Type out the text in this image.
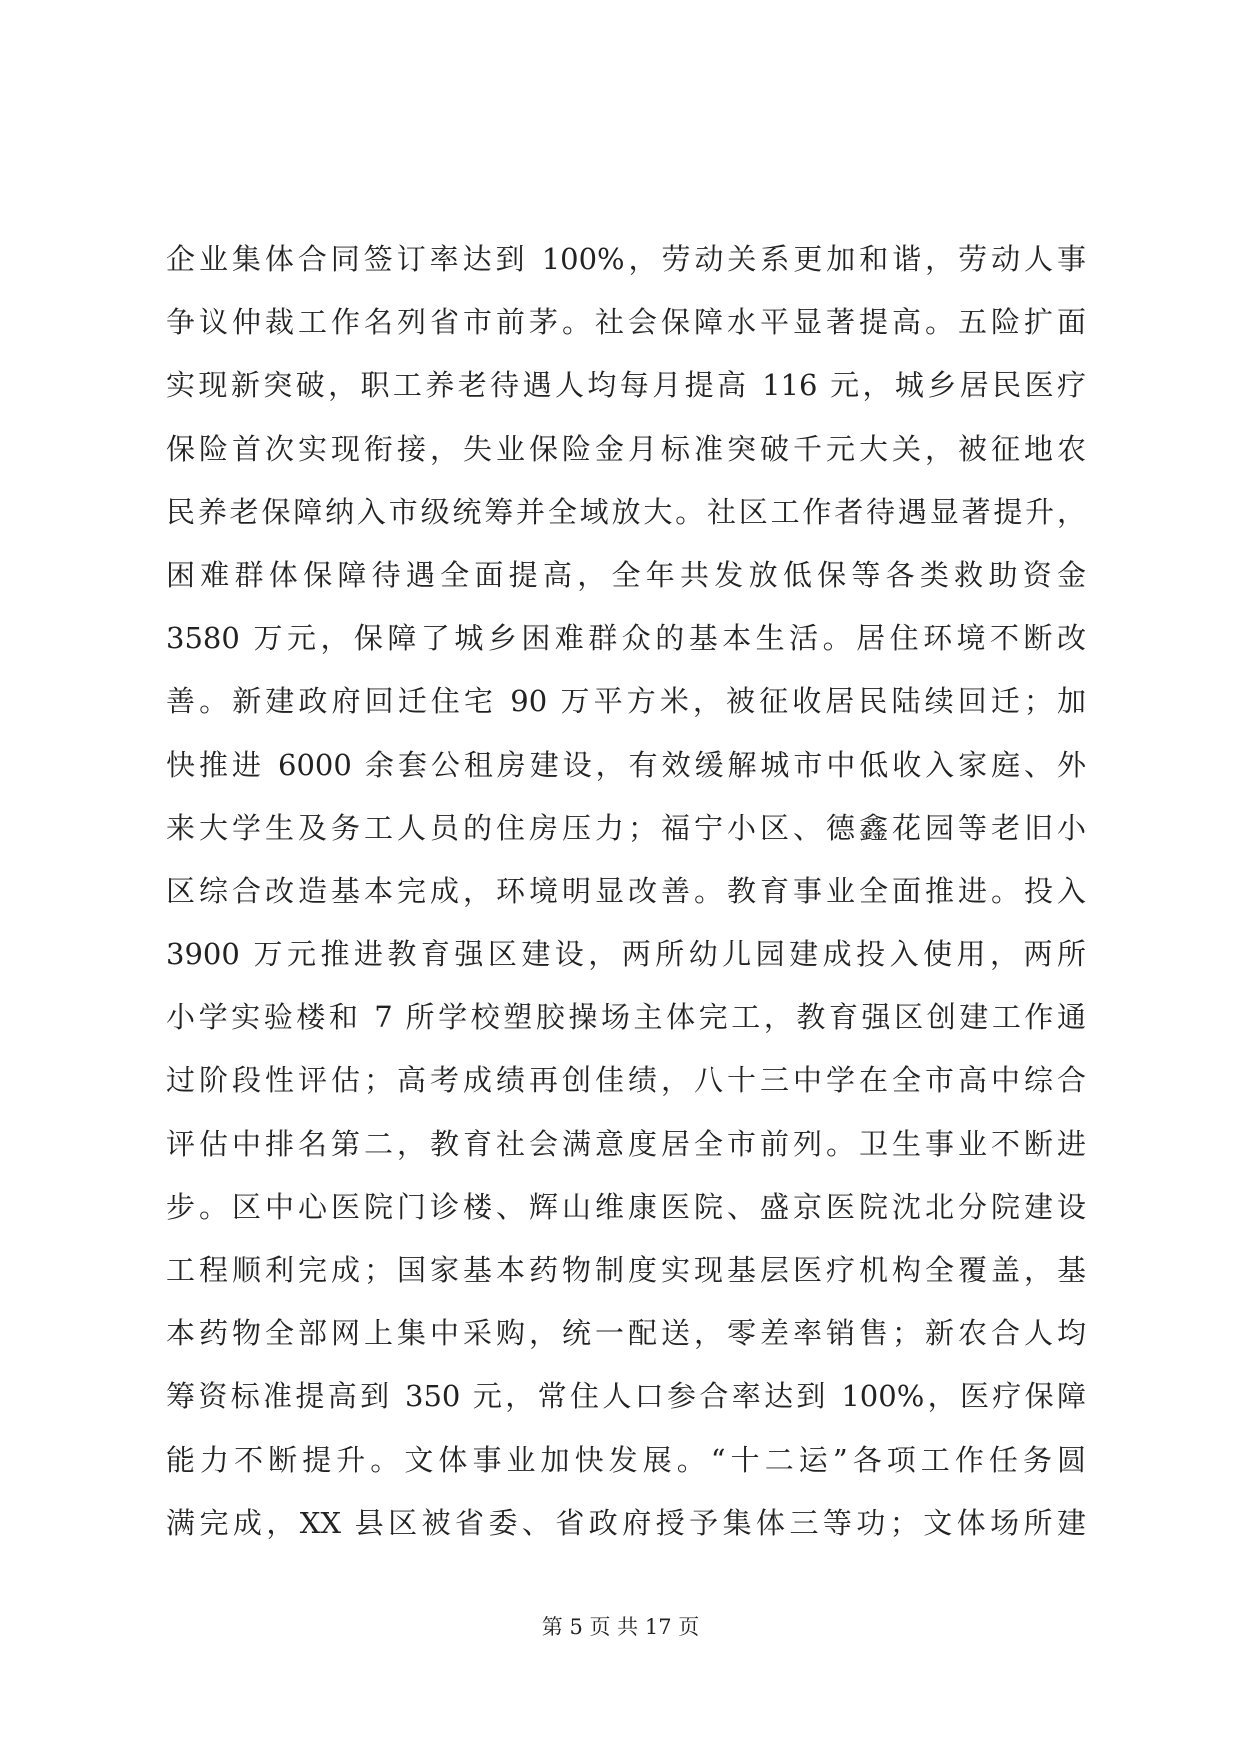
企业集体合同签订率达到 100%，劳动关系更加和谐，劳动人事
争议仲裁工作名列省市前茅。社会保障水平显著提高。五险扩面
实现新突破，职工养老待遇人均每月提高 116 元，城乡居民医疗
保险首次实现衔接，失业保险金月标准突破千元大关，被征地农
民养老保障纳入市级统筹并全域放大。社区工作者待遇显著提升，
困难群体保障待遇全面提高，全年共发放低保等各类救助资金
3580 万元，保障了城乡困难群众的基本生活。居住环境不断改
善。新建政府回迁住宅 90 万平方米，被征收居民陆续回迁；加
快推进 6000 余套公租房建设，有效缓解城市中低收入家庭、外
来大学生及务工人员的住房压力；福宁小区、德鑫花园等老旧小
区综合改造基本完成，环境明显改善。教育事业全面推进。投入
3900 万元推进教育强区建设，两所幼儿园建成投入使用，两所
小学实验楼和 7 所学校塑胶操场主体完工，教育强区创建工作通
过阶段性评估；高考成绩再创佳绩，八十三中学在全市高中综合
评估中排名第二，教育社会满意度居全市前列。卫生事业不断进
步。区中心医院门诊楼、辉山维康医院、盛京医院沈北分院建设
工程顺利完成；国家基本药物制度实现基层医疗机构全覆盖，基
本药物全部网上集中采购，统一配送，零差率销售；新农合人均
筹资标准提高到 350 元，常住人口参合率达到 100%，医疗保障
能力不断提升。文体事业加快发展。“十二运”各项工作任务圆
满完成，XX 县区被省委、省政府授予集体三等功；文体场所建
第 5 页 共 17 页
